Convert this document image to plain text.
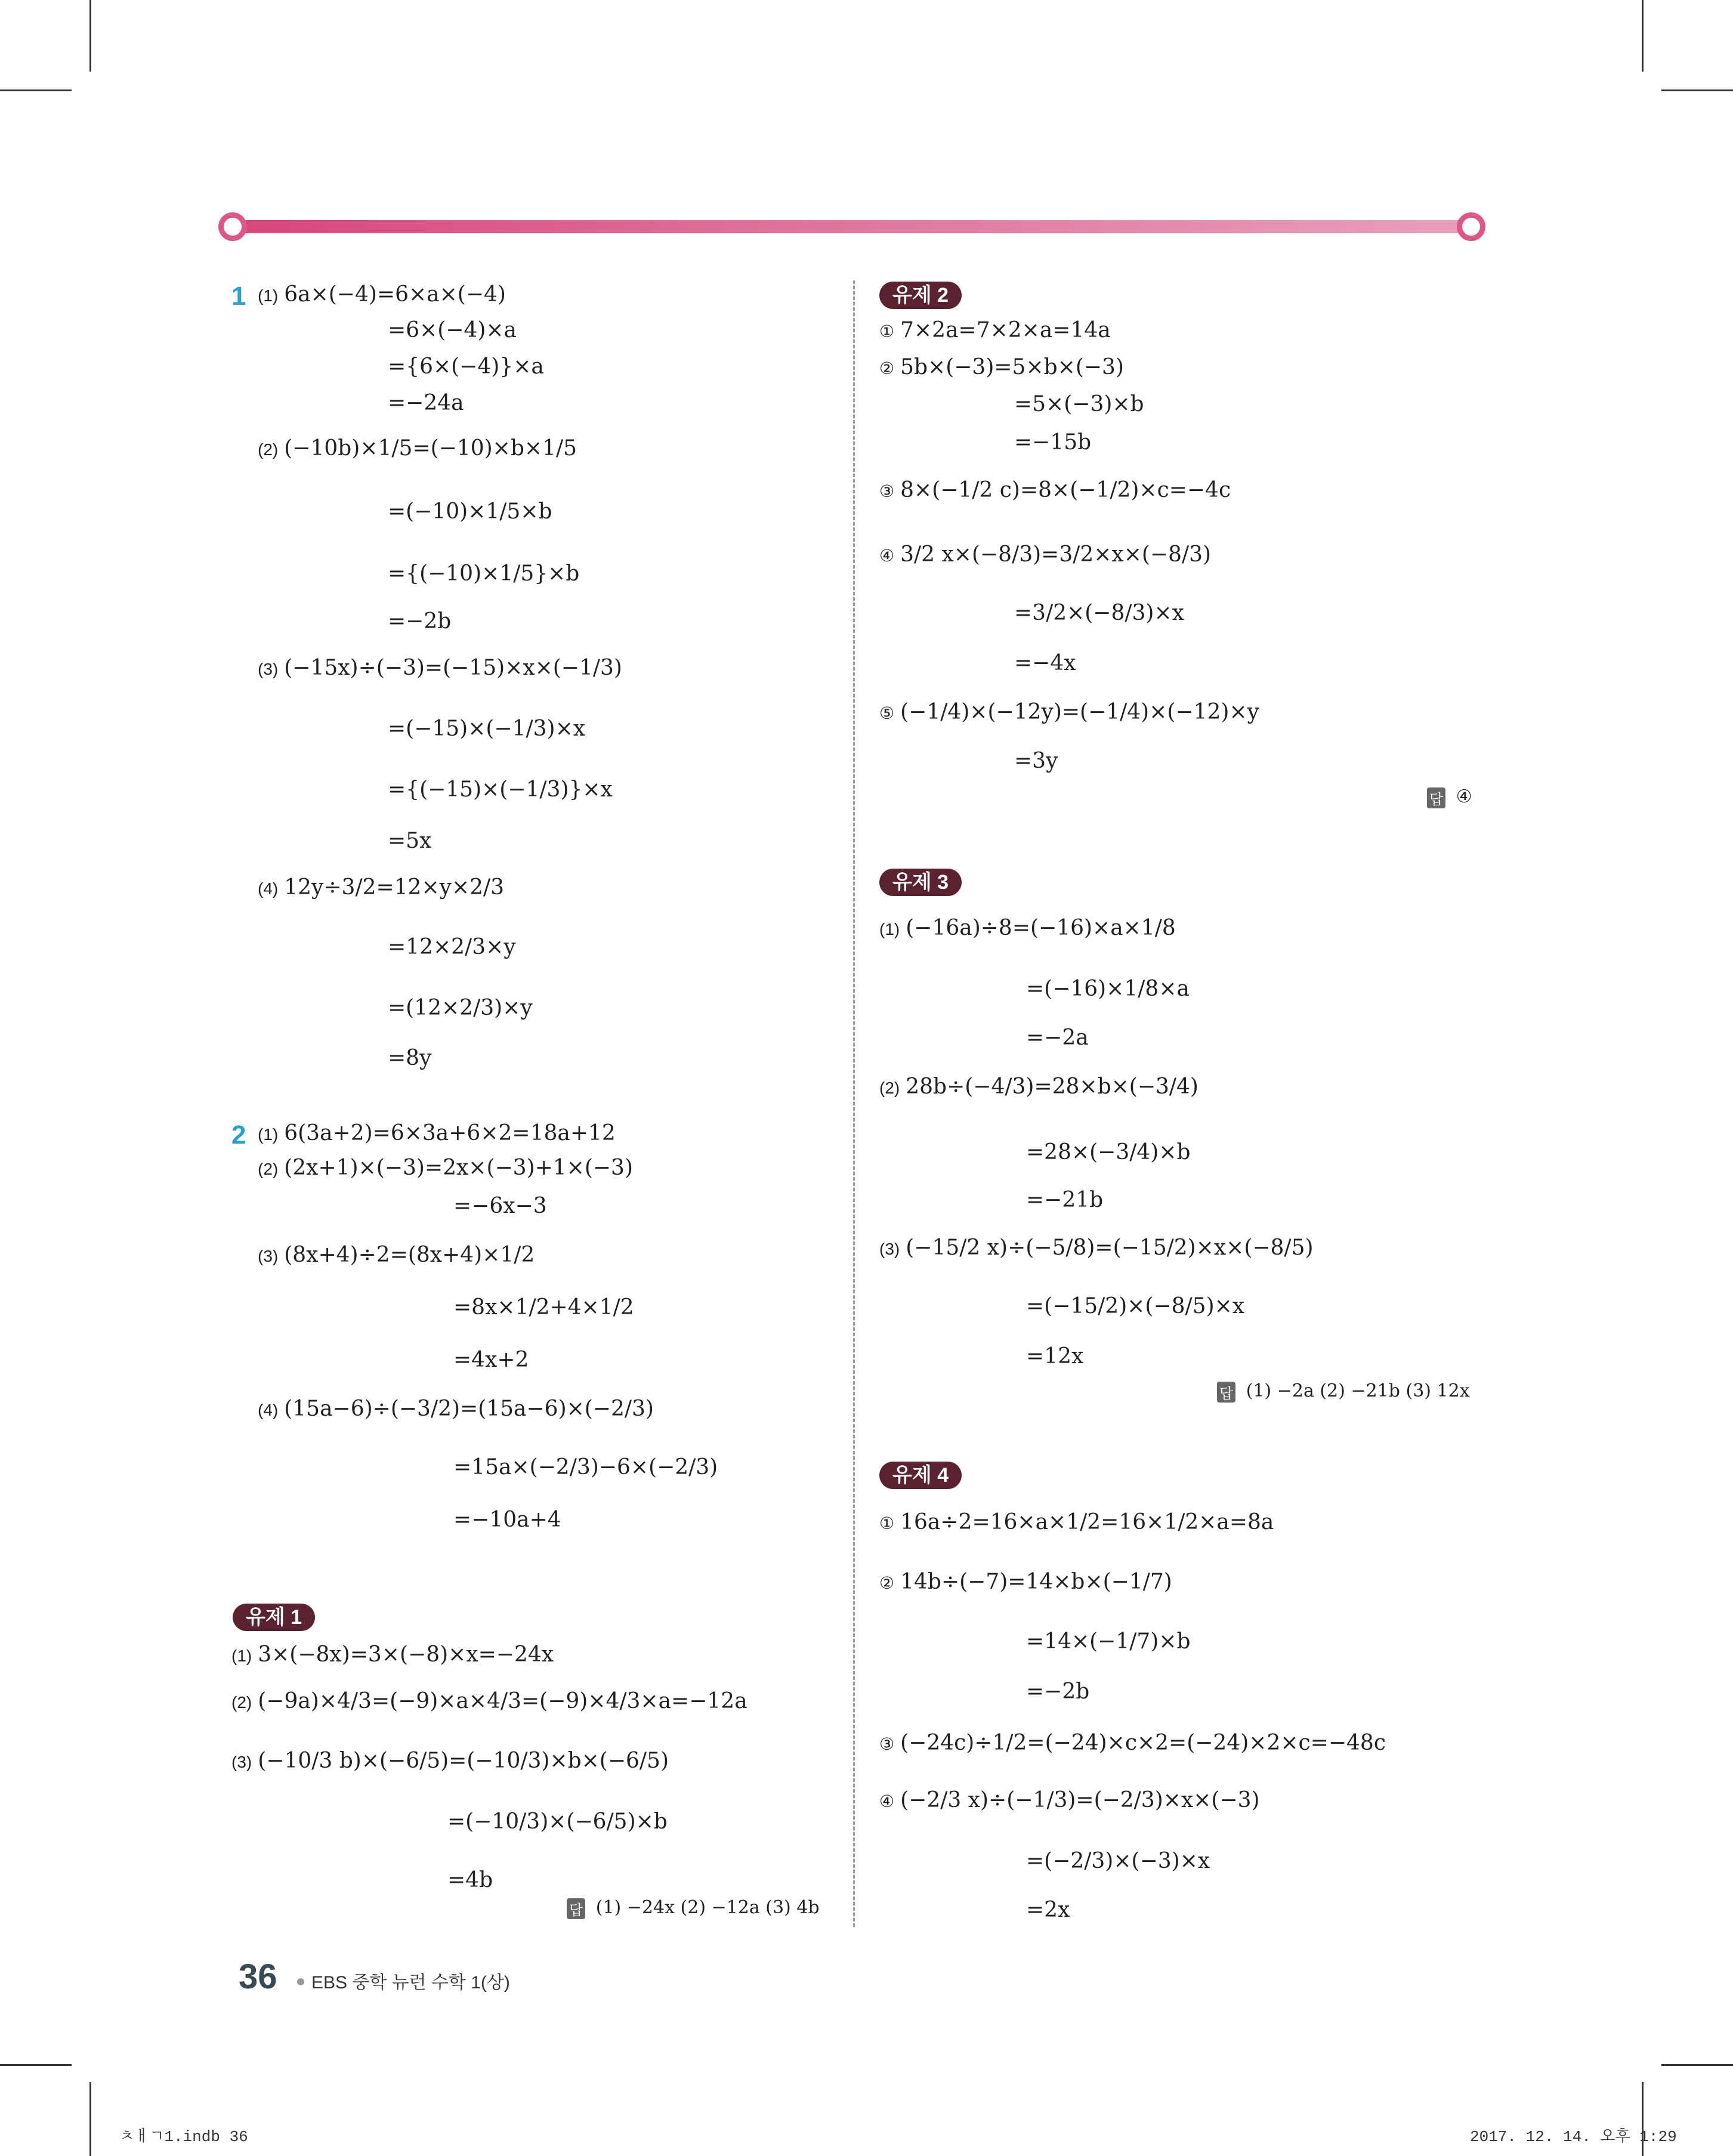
1 (1) 6a×(−4)=6×a×(−4)
=6×(−4)×a
={6×(−4)}×a
=−24a
(2) (−10b)×1/5=(−10)×b×1/5
=(−10)×1/5×b
={(−10)×1/5}×b
=−2b
(3) (−15x)÷(−3)=(−15)×x×(−1/3)
=(−15)×(−1/3)×x
={(−15)×(−1/3)}×x
=5x
(4) 12y÷3/2=12×y×2/3
=12×2/3×y
=(12×2/3)×y
=8y
2 (1) 6(3a+2)=6×3a+6×2=18a+12
(2) (2x+1)×(−3)=2x×(−3)+1×(−3)
=−6x−3
(3) (8x+4)÷2=(8x+4)×1/2
=8x×1/2+4×1/2
=4x+2
(4) (15a−6)÷(−3/2)=(15a−6)×(−2/3)
=15a×(−2/3)−6×(−2/3)
=−10a+4
유제 1
(1) 3×(−8x)=3×(−8)×x=−24x
(2) (−9a)×4/3=(−9)×a×4/3=(−9)×4/3×a=−12a
(3) (−10/3 b)×(−6/5)=(−10/3)×b×(−6/5)
=(−10/3)×(−6/5)×b
=4b
답 (1) −24x (2) −12a (3) 4b
유제 2
① 7×2a=7×2×a=14a
② 5b×(−3)=5×b×(−3)
=5×(−3)×b
=−15b
③ 8×(−1/2 c)=8×(−1/2)×c=−4c
④ 3/2 x×(−8/3)=3/2×x×(−8/3)
=3/2×(−8/3)×x
=−4x
⑤ (−1/4)×(−12y)=(−1/4)×(−12)×y
=3y
답 ④
유제 3
(1) (−16a)÷8=(−16)×a×1/8
=(−16)×1/8×a
=−2a
(2) 28b÷(−4/3)=28×b×(−3/4)
=28×(−3/4)×b
=−21b
(3) (−15/2 x)÷(−5/8)=(−15/2)×x×(−8/5)
=(−15/2)×(−8/5)×x
=12x
답 (1) −2a (2) −21b (3) 12x
유제 4
① 16a÷2=16×a×1/2=16×1/2×a=8a
② 14b÷(−7)=14×b×(−1/7)
=14×(−1/7)×b
=−2b
③ (−24c)÷1/2=(−24)×c×2=(−24)×2×c=−48c
④ (−2/3 x)÷(−1/3)=(−2/3)×x×(−3)
=(−2/3)×(−3)×x
=2x
36 EBS 중학 뉴런 수학 1(상)
ㅊㅐㄱ1.indb 36	2017. 12. 14. 오후 1:29
